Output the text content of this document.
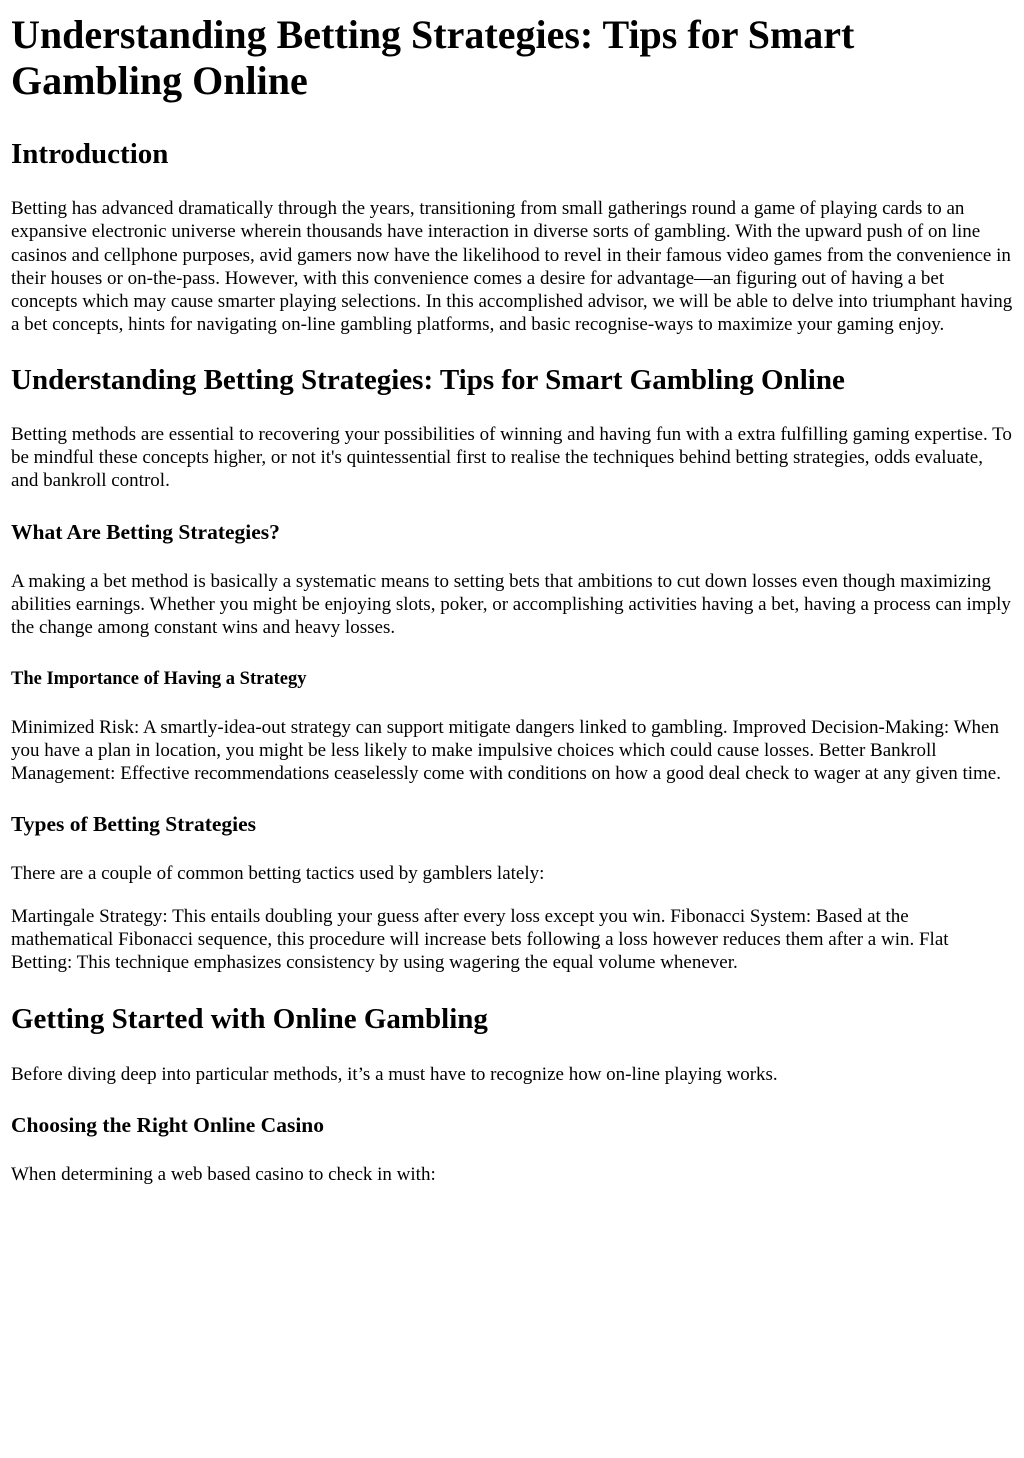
Understanding Betting Strategies: Tips for Smart Gambling Online
Introduction

Betting has advanced dramatically through the years, transitioning from small gatherings round a game of playing cards to an expansive electronic universe wherein thousands have interaction in diverse sorts of gambling. With the upward push of on line casinos and cellphone purposes, avid gamers now have the likelihood to revel in their famous video games from the convenience in their houses or on-the-pass. However, with this convenience comes a desire for advantage—an figuring out of having a bet concepts which may cause smarter playing selections. In this accomplished advisor, we will be able to delve into triumphant having a bet concepts, hints for navigating on-line gambling platforms, and basic recognise-ways to maximize your gaming enjoy.

Understanding Betting Strategies: Tips for Smart Gambling Online

Betting methods are essential to recovering your possibilities of winning and having fun with a extra fulfilling gaming expertise. To be mindful these concepts higher, or not it's quintessential first to realise the techniques behind betting strategies, odds evaluate, and bankroll control.

What Are Betting Strategies?

A making a bet method is basically a systematic means to setting bets that ambitions to cut down losses even though maximizing abilities earnings. Whether you might be enjoying slots, poker, or accomplishing activities having a bet, having a process can imply the change among constant wins and heavy losses.

The Importance of Having a Strategy

Minimized Risk: A smartly-idea-out strategy can support mitigate dangers linked to gambling. Improved Decision-Making: When you have a plan in location, you might be less likely to make impulsive choices which could cause losses. Better Bankroll Management: Effective recommendations ceaselessly come with conditions on how a good deal check to wager at any given time.

Types of Betting Strategies

There are a couple of common betting tactics used by gamblers lately:

Martingale Strategy: This entails doubling your guess after every loss except you win. Fibonacci System: Based at the mathematical Fibonacci sequence, this procedure will increase bets following a loss however reduces them after a win. Flat Betting: This technique emphasizes consistency by using wagering the equal volume whenever.

Getting Started with Online Gambling

Before diving deep into particular methods, it’s a must have to recognize how on-line playing works.

Choosing the Right Online Casino

When determining a web based casino to check in with:
